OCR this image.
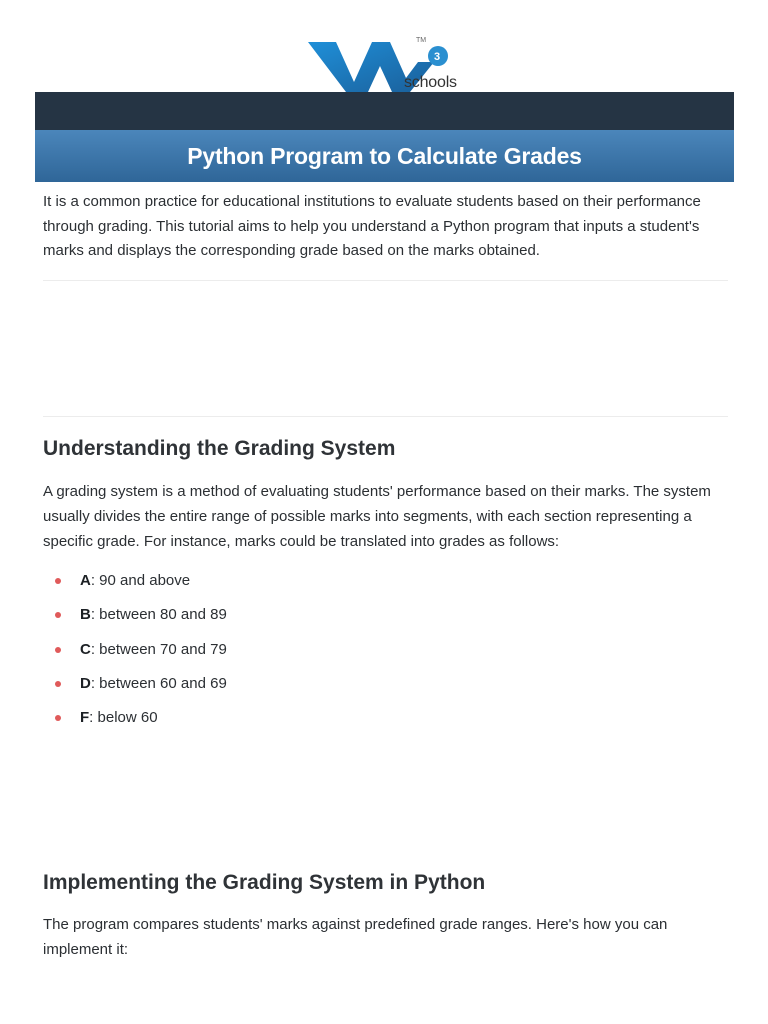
3
TM
schools
Python Program to Calculate Grades

It is a common practice for educational institutions to evaluate students based on their performance through grading. This tutorial aims to help you understand a Python program that inputs a student's marks and displays the corresponding grade based on the marks obtained.

Understanding the Grading System

A grading system is a method of evaluating students' performance based on their marks. The system usually divides the entire range of possible marks into segments, with each section representing a specific grade. For instance, marks could be translated into grades as follows:

A: 90 and above
B: between 80 and 89
C: between 70 and 79
D: between 60 and 69
F: below 60
Implementing the Grading System in Python

The program compares students' marks against predefined grade ranges. Here's how you can implement it:
